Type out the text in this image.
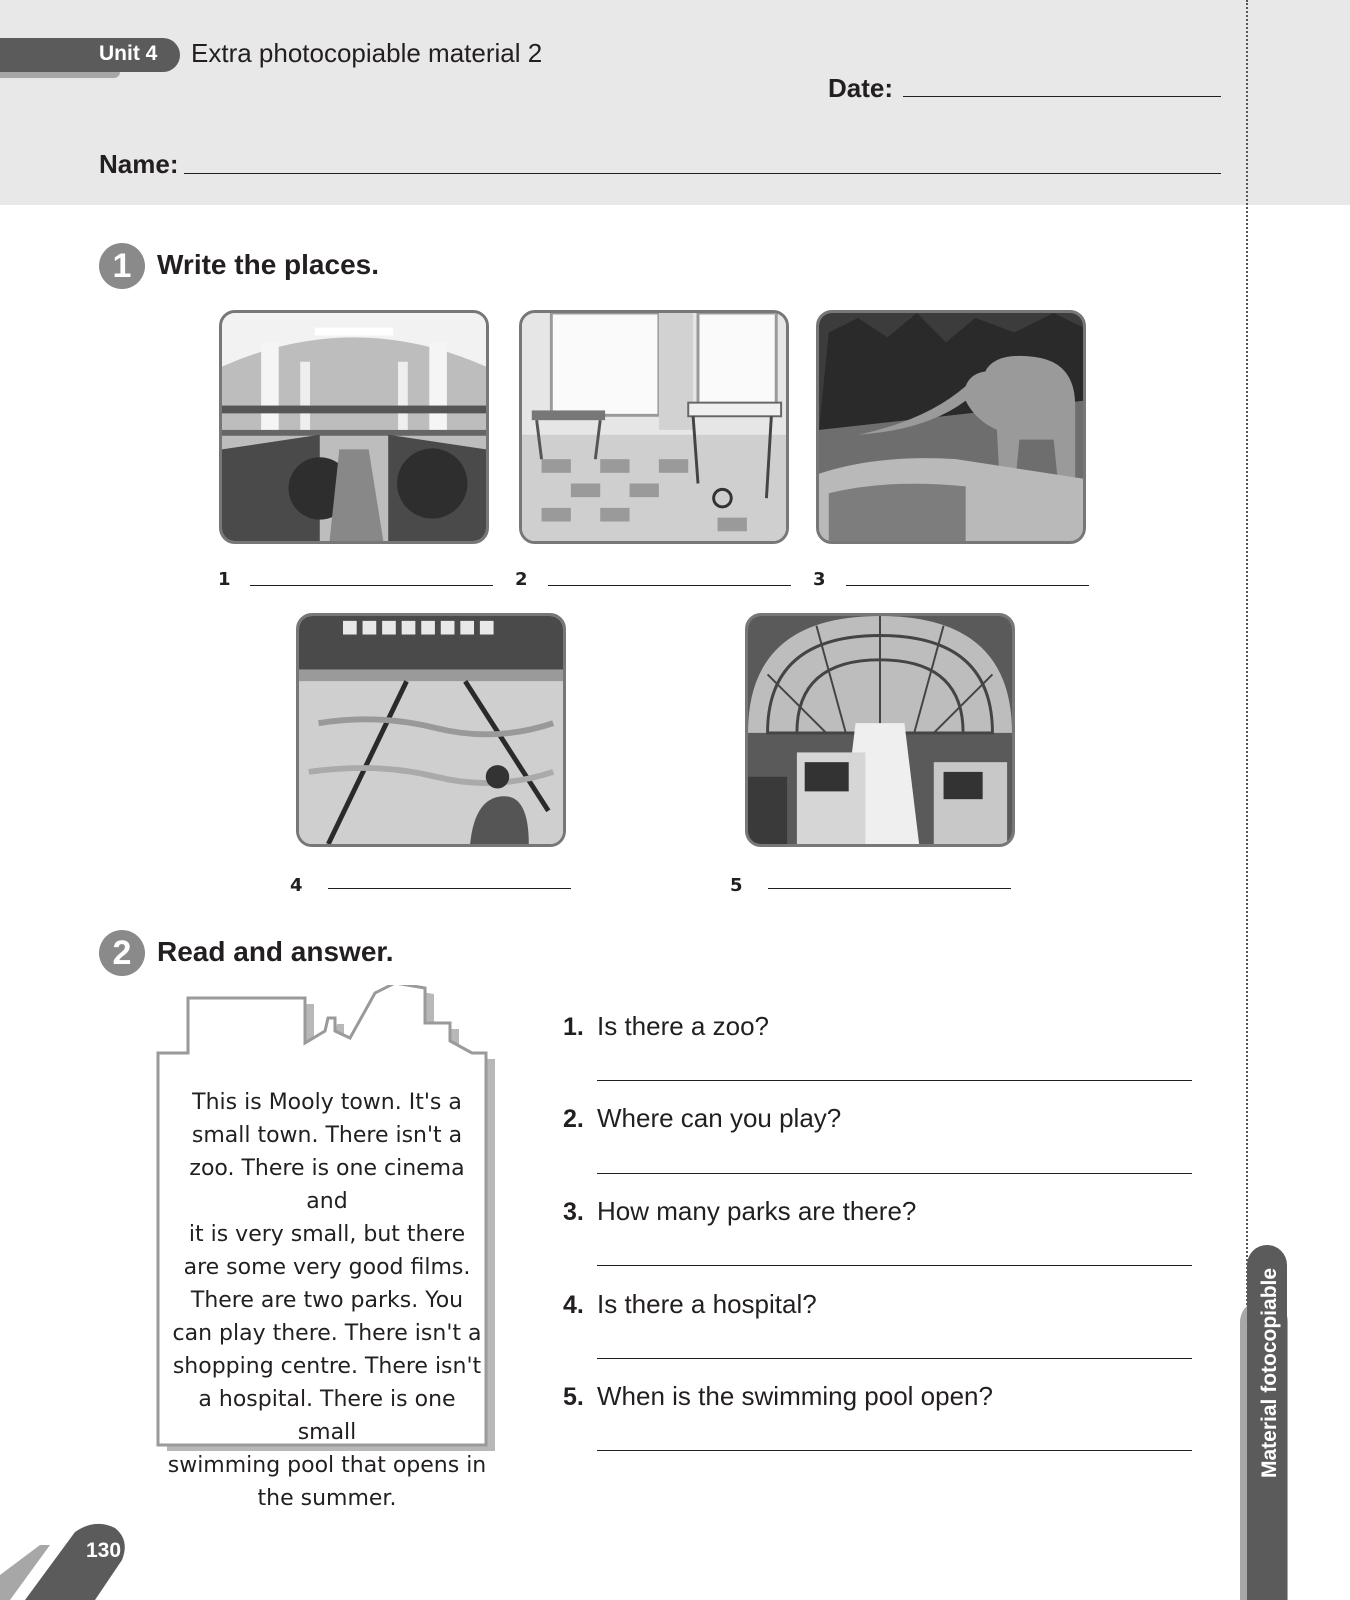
Unit 4 Extra photocopiable material 2
Date:
Name:
1 Write the places.
1	2	3
4	5
2 Read and answer.
This is Mooly town. It's a
small town. There isn't a
zoo. There is one cinema and
it is very small, but there
are some very good films.
There are two parks. You
can play there. There isn't a
shopping centre. There isn't
a hospital. There is one small
swimming pool that opens in
the summer.
1. Is there a zoo?
2. Where can you play?
3. How many parks are there?
4. Is there a hospital?
5. When is the swimming pool open?	Material fotocopiable
130
